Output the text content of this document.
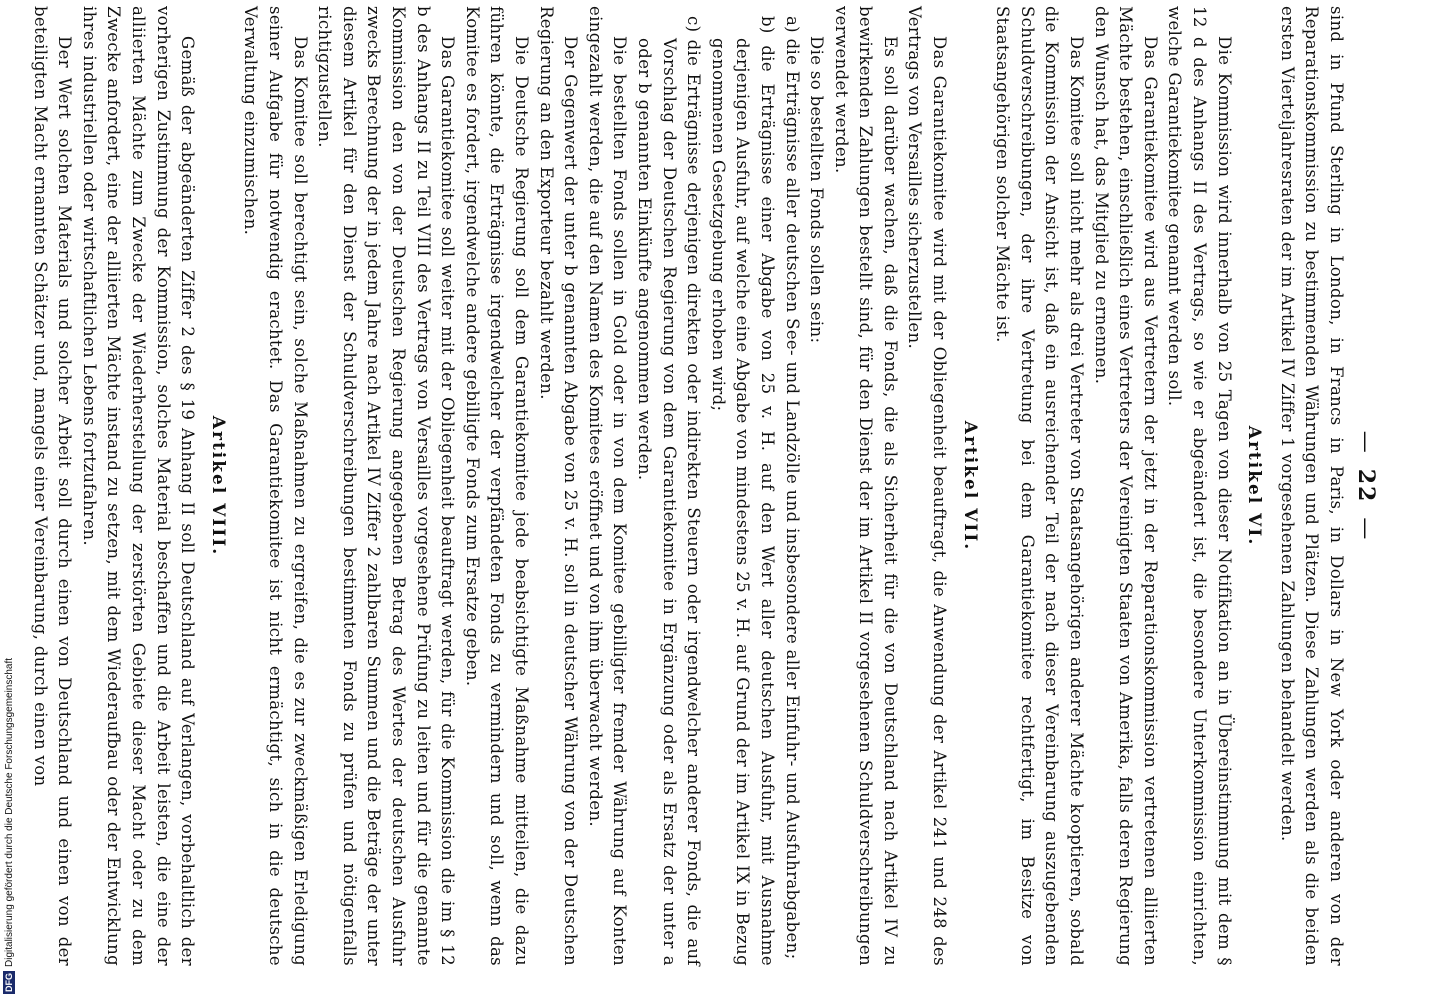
—22—

sind in Pfund Sterling in London, in Francs in Paris, in Dollars in New York oder anderen von der Reparationskommission zu bestimmenden Währungen und Plätzen. Diese Zahlungen werden als die beiden ersten Vierteljahresraten der im Artikel IV Ziffer 1 vorgesehenen Zahlungen behandelt werden.

Artikel VI.

Die Kommission wird innerhalb von 25 Tagen von dieser Notifikation an in Übereinstimmung mit dem § 12 d des Anhangs II des Vertrags, so wie er abgeändert ist, die besondere Unterkommission einrichten, welche Garantiekomitee genannt werden soll.

Das Garantiekomitee wird aus Vertretern der jetzt in der Reparationskommission vertretenen alliierten Mächte bestehen, einschließlich eines Vertreters der Vereinigten Staaten von Amerika, falls deren Regierung den Wunsch hat, das Mitglied zu ernennen.

Das Komitee soll nicht mehr als drei Vertreter von Staatsangehörigen anderer Mächte kooptieren, sobald die Kommission der Ansicht ist, daß ein ausreichender Teil der nach dieser Vereinbarung auszugebenden Schuldverschreibungen, der ihre Vertretung bei dem Garantiekomitee rechtfertigt, im Besitze von Staatsangehörigen solcher Mächte ist.

Artikel VII.

Das Garantiekomitee wird mit der Obliegenheit beauftragt, die Anwendung der Artikel 241 und 248 des Vertrags von Versailles sicherzustellen.

Es soll darüber wachen, daß die Fonds, die als Sicherheit für die von Deutschland nach Artikel IV zu bewirkenden Zahlungen bestellt sind, für den Dienst der im Artikel II vorgesehenen Schuldverschreibungen verwendet werden.

Die so bestellten Fonds sollen sein:

a) die Erträgnisse aller deutschen See- und Landzölle und insbesondere aller Einfuhr- und Ausfuhrabgaben;

b) die Erträgnisse einer Abgabe von 25 v. H. auf den Wert aller deutschen Ausfuhr, mit Ausnahme derjenigen Ausfuhr, auf welche eine Abgabe von mindestens 25 v. H. auf Grund der im Artikel IX in Bezug genommenen Gesetzgebung erhoben wird;

c) die Erträgnisse derjenigen direkten oder indirekten Steuern oder irgendwelcher anderer Fonds, die auf Vorschlag der Deutschen Regierung von dem Garantiekomitee in Ergänzung oder als Ersatz der unter a oder b genannten Einkünfte angenommen werden.

Die bestellten Fonds sollen in Gold oder in von dem Komitee gebilligter fremder Währung auf Konten eingezahlt werden, die auf den Namen des Komitees eröffnet und von ihm überwacht werden.

Der Gegenwert der unter b genannten Abgabe von 25 v. H. soll in deutscher Währung von der Deutschen Regierung an den Exporteur bezahlt werden.

Die Deutsche Regierung soll dem Garantiekomitee jede beabsichtigte Maßnahme mitteilen, die dazu führen könnte, die Erträgnisse irgendwelcher der verpfändeten Fonds zu vermindern und soll, wenn das Komitee es fordert, irgendwelche andere gebilligte Fonds zum Ersatze geben.

Das Garantiekomitee soll weiter mit der Obliegenheit beauftragt werden, für die Kommission die im § 12 b des Anhangs II zu Teil VIII des Vertrags von Versailles vorgesehene Prüfung zu leiten und für die genannte Kommission den von der Deutschen Regierung angegebenen Betrag des Wertes der deutschen Ausfuhr zwecks Berechnung der in jedem Jahre nach Artikel IV Ziffer 2 zahlbaren Summen und die Beträge der unter diesem Artikel für den Dienst der Schuldverschreibungen bestimmten Fonds zu prüfen und nötigenfalls richtigzustellen.

Das Komitee soll berechtigt sein, solche Maßnahmen zu ergreifen, die es zur zweckmäßigen Erledigung seiner Aufgabe für notwendig erachtet. Das Garantiekomitee ist nicht ermächtigt, sich in die deutsche Verwaltung einzumischen.

Artikel VIII.

Gemäß der abgeänderten Ziffer 2 des § 19 Anhang II soll Deutschland auf Verlangen, vorbehaltlich der vorherigen Zustimmung der Kommission, solches Material beschaffen und die Arbeit leisten, die eine der alliierten Mächte zum Zwecke der Wiederherstellung der zerstörten Gebiete dieser Macht oder zu dem Zwecke anfordert, eine der alliierten Mächte instand zu setzen, mit dem Wiederaufbau oder der Entwicklung ihres industriellen oder wirtschaftlichen Lebens fortzufahren.

Der Wert solchen Materials und solcher Arbeit soll durch einen von Deutschland und einen von der beteiligten Macht ernannten Schätzer und, mangels einer Vereinbarung, durch einen von

DFGDigitalisierung gefördert durch die Deutsche Forschungsgemeinschaft
